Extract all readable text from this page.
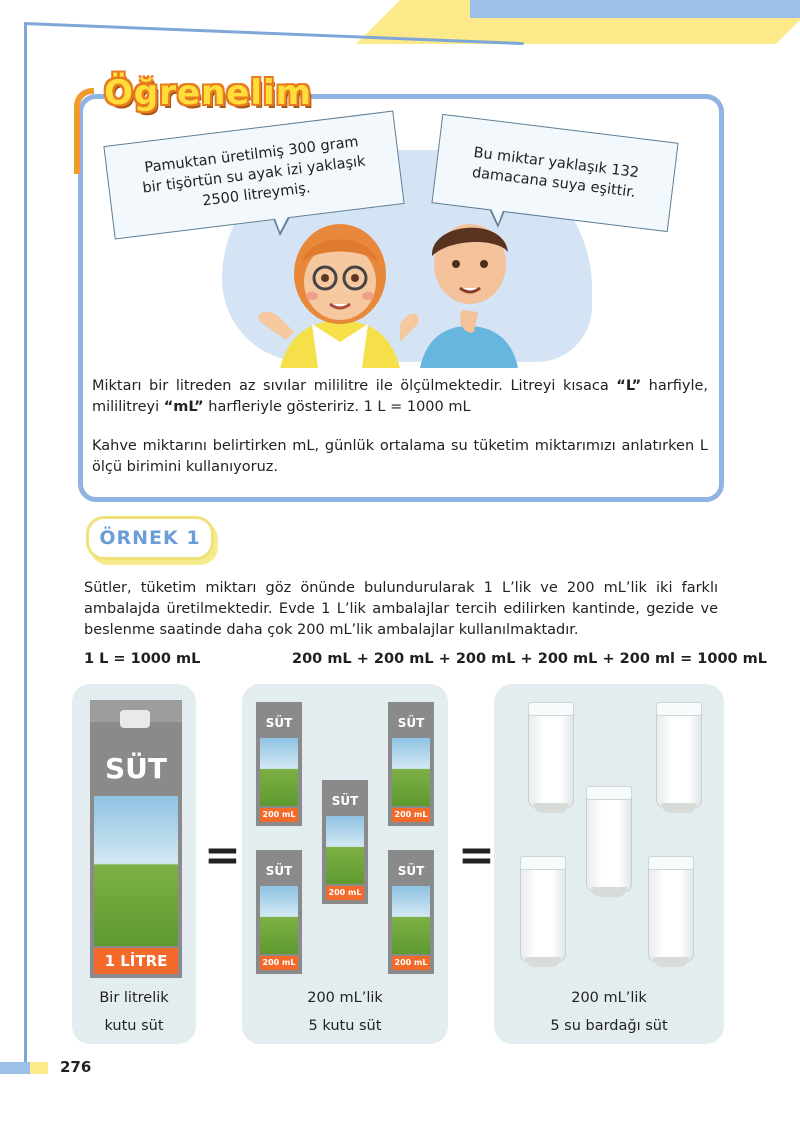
Öğrenelim
Pamuktan üretilmiş 300 gram bir tişörtün su ayak izi yaklaşık 2500 litreymiş.
Bu miktar yaklaşık 132 damacana suya eşittir.
Miktarı bir litreden az sıvılar mililitre ile ölçülmektedir. Litreyi kısaca “L” harfiyle, mililitreyi “mL” harfleriyle gösteririz. 1 L = 1000 mL
Kahve miktarını belirtirken mL, günlük ortalama su tüketim miktarımızı anlatırken L ölçü birimini kullanıyoruz.
ÖRNEK 1
Sütler, tüketim miktarı göz önünde bulundurularak 1 L’lik ve 200 mL’lik iki farklı ambalajda üretilmektedir. Evde 1 L’lik ambalajlar tercih edilirken kantinde, gezide ve beslenme saatinde daha çok 200 mL’lik ambalajlar kullanılmaktadır.
1 L = 1000 mL	200 mL + 200 mL + 200 mL + 200 mL + 200 ml = 1000 mL
SÜT
1 LİTRE
SÜT
200 mL
SÜT
200 mL
SÜT
200 mL
SÜT
200 mL
SÜT
200 mL
=	=
Bir litrelik
kutu süt
200 mL’lik
5 kutu süt
200 mL’lik
5 su bardağı süt
276
